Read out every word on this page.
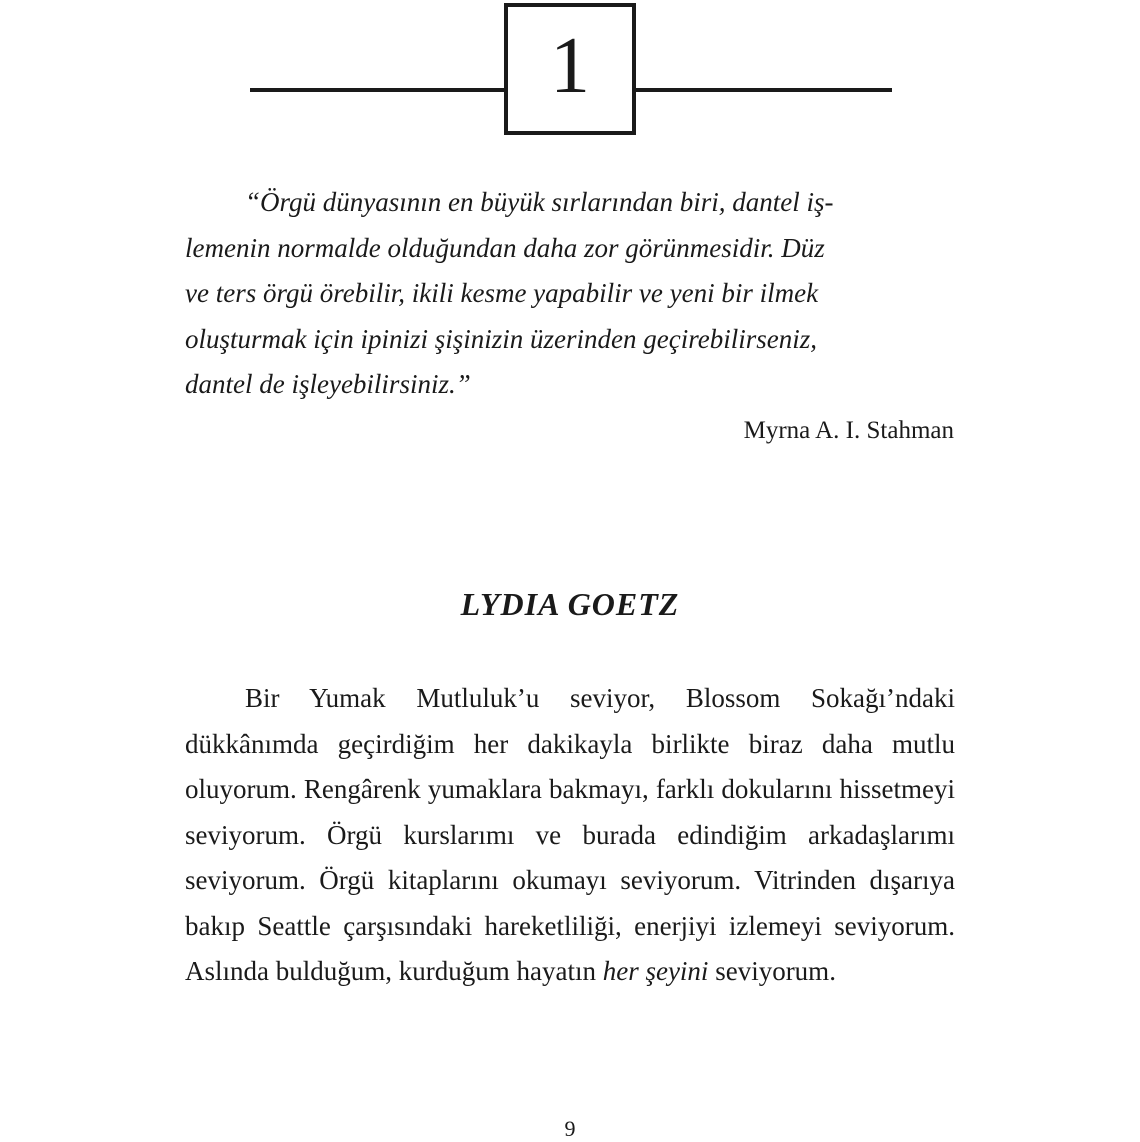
1

“Örgü dünyasının en büyük sırlarından biri, dantel iş-
lemenin normalde olduğundan daha zor görünmesidir. Düz
ve ters örgü örebilir, ikili kesme yapabilir ve yeni bir ilmek
oluşturmak için ipinizi şişinizin üzerinden geçirebilirseniz,
dantel de işleyebilirsiniz.”

Myrna A. I. Stahman

LYDIA GOETZ

Bir Yumak Mutluluk’u seviyor, Blossom Sokağı’ndaki dükkânımda geçirdiğim her dakikayla birlikte biraz daha mutlu oluyorum. Rengârenk yumaklara bakmayı, farklı dokularını hissetmeyi seviyorum. Örgü kurslarımı ve burada edindiğim arkadaşlarımı seviyorum. Örgü kitaplarını okumayı seviyorum. Vitrinden dışarıya bakıp Seattle çarşısındaki hareketliliği, enerjiyi izlemeyi seviyorum. Aslında bulduğum, kurduğum hayatın her şeyini seviyorum.

9
